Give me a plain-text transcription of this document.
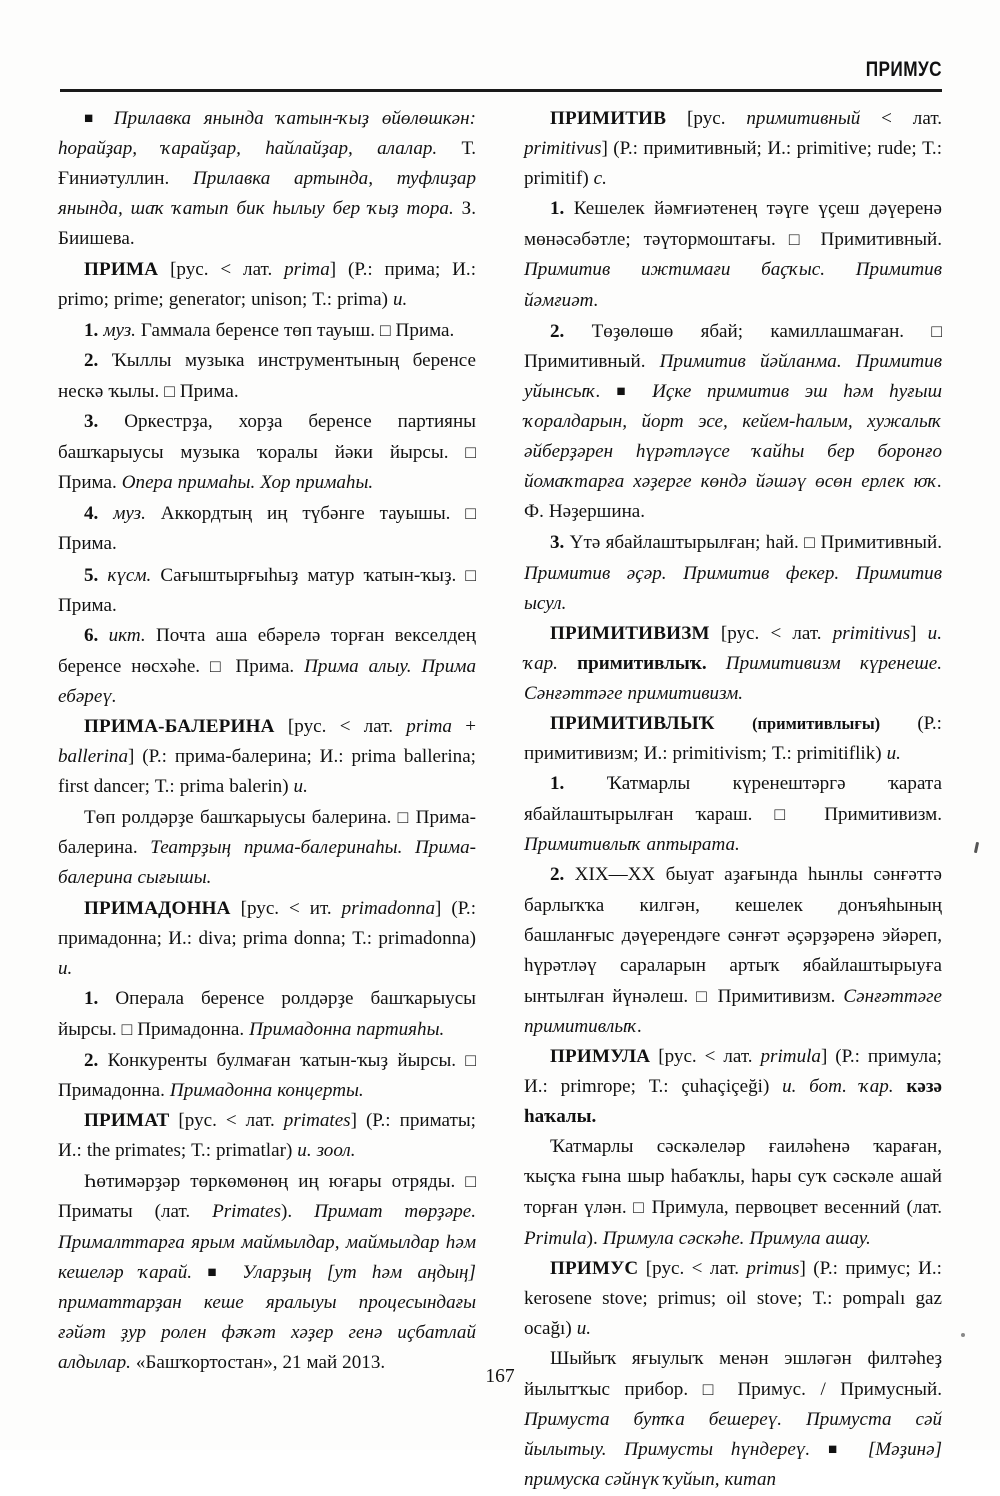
ПРИМУС

■ Прилавка янында ҡатын-ҡыҙ өйөлөшкән: һорайҙар, ҡарайҙар, һайлайҙар, алалар. Т. Ғиниәтуллин. Прилавка артында, туфлиҙар янында, шаҡ ҡатып бик һылыу бер ҡыҙ тора. З. Биишева.

ПРИМА [рус. < лат. prima] (Р.: прима; И.: primo; prime; generator; unison; Т.: prima) и.

1. муз. Гаммала беренсе төп тауыш. □ Прима.

2. Ҡыллы музыка инструментының беренсе нескә ҡылы. □ Прима.

3. Оркестрҙа, хорҙа беренсе партияны башҡарыусы музыка ҡоралы йәки йырсы. □ Прима. Опера примаһы. Хор примаһы.

4. муз. Аккордтың иң түбәнге тауышы. □ Прима.

5. күсм. Сағыштырғыһыҙ матур ҡатын-ҡыҙ. □ Прима.

6. икт. Почта аша ебәрелә торған векселдең беренсе нөсхәһе. □ Прима. Прима алыу. Прима ебәреү.

ПРИМА-БАЛЕРИНА [рус. < лат. prima + ballerina] (Р.: прима-балерина; И.: prima ballerina; first dancer; Т.: prima balerin) и.

Төп ролдәрҙе башҡарыусы балерина. □ Прима-балерина. Театрҙың прима-балеринаһы. Прима-балерина сығышы.

ПРИМАДОННА [рус. < ит. primadonna] (Р.: примадонна; И.: diva; prima donna; Т.: primadonna) и.

1. Операла беренсе ролдәрҙе башҡарыусы йырсы. □ Примадонна. Примадонна партияһы.

2. Конкуренты булмаған ҡатын-ҡыҙ йырсы. □ Примадонна. Примадонна концерты.

ПРИМАТ [рус. < лат. primates] (Р.: приматы; И.: the primates; Т.: primatlar) и. зоол.

Һөтимәрҙәр төркөмөнөң иң юғары отряды. □ Приматы (лат. Primates). Примат төрҙәре. Прималттарға ярым маймылдар, маймылдар һәм кешеләр ҡарай. ■	Уларҙың [ут һәм аңдың] приматтарҙан кеше яралыуы процесындағы ғәйәт ҙур ролен фәҡәт хәҙер генә иҫбатлай алдылар. «Башҡортостан», 21 май 2013.

ПРИМИТИВ [рус. примитивный < лат. primitivus] (Р.: примитивный; И.: primitive; rude; Т.: primitif) с.

1. Кешелек йәмғиәтенең тәүге үҫеш дәүеренә мөнәсәбәтле; тәүтормоштағы. □ Примитивный. Примитив ижтимағи баҫҡыс. Примитив йәмғиәт.

2. Төҙөлөшө ябай; камиллашмаған. □ Примитивный. Примитив йәйланма. Примитив уйынсыҡ. ■	Иҫке примитив эш һәм һуғыш ҡоралдарын, йорт эсе, кейем-һалым, хужалыҡ әйберҙәрен һүрәтләүсе ҡайһы бер боронғо йомаҡтарға хәҙерге көндә йәшәү өсөн ерлек юҡ. Ф. Нәҙершина.

3. Үтә ябайлаштырылған; һай. □ Примитивный. Примитив әҫәр. Примитив фекер. Примитив ысул.

ПРИМИТИВИЗМ [рус. < лат. primitivus] и. ҡар. примитивлыҡ. Примитивизм күренеше. Сәнғәттәге примитивизм.

ПРИМИТИВЛЫҠ (примитивлығы) (Р.: примитивизм; И.: primitivism; Т.: primitiflik) и.

1. Ҡатмарлы күренештәргә ҡарата ябайлаштырылған ҡараш. □ Примитивизм. Примитивлыҡ аптырата.

2. XIX—XX быуат аҙағында һынлы сәнғәттә барлыҡҡа килгән, кешелек донъяһының башланғыс дәүерендәге сәнғәт әҫәрҙәренә эйәреп, һүрәтләү сараларын артыҡ ябайлаштырыуға ынтылған йүнәлеш. □ Примитивизм. Сәнғәттәге примитивлыҡ.

ПРИМУЛА [рус. < лат. primula] (Р.: примула; И.: primrope; Т.: çuhaçiçeği) и. бот. ҡар. кәзә һаҡалы.

Ҡатмарлы сәскәлеләр ғаиләһенә ҡараған, ҡыҫҡа ғына шыр һабаҡлы, һары суҡ сәскәле ашай торған үлән. □ Примула, первоцвет весенний (лат. Primula). Примула сәскәһе. Примула ашау.

ПРИМУС [рус. < лат. primus] (Р.: примус; И.: kerosene stove; primus; oil stove; Т.: pompalı gaz ocağı) и.

Шыйыҡ яғыулыҡ менән эшләгән филтәһеҙ йылытҡыс прибор. □ Примус. / Примусный. Примуста бутҡа бешереү. Примуста сәй йылытыу. Примусты һүндереү. ■	[Мәҙинә] примуска сәйнүк ҡуйып, китап

167
